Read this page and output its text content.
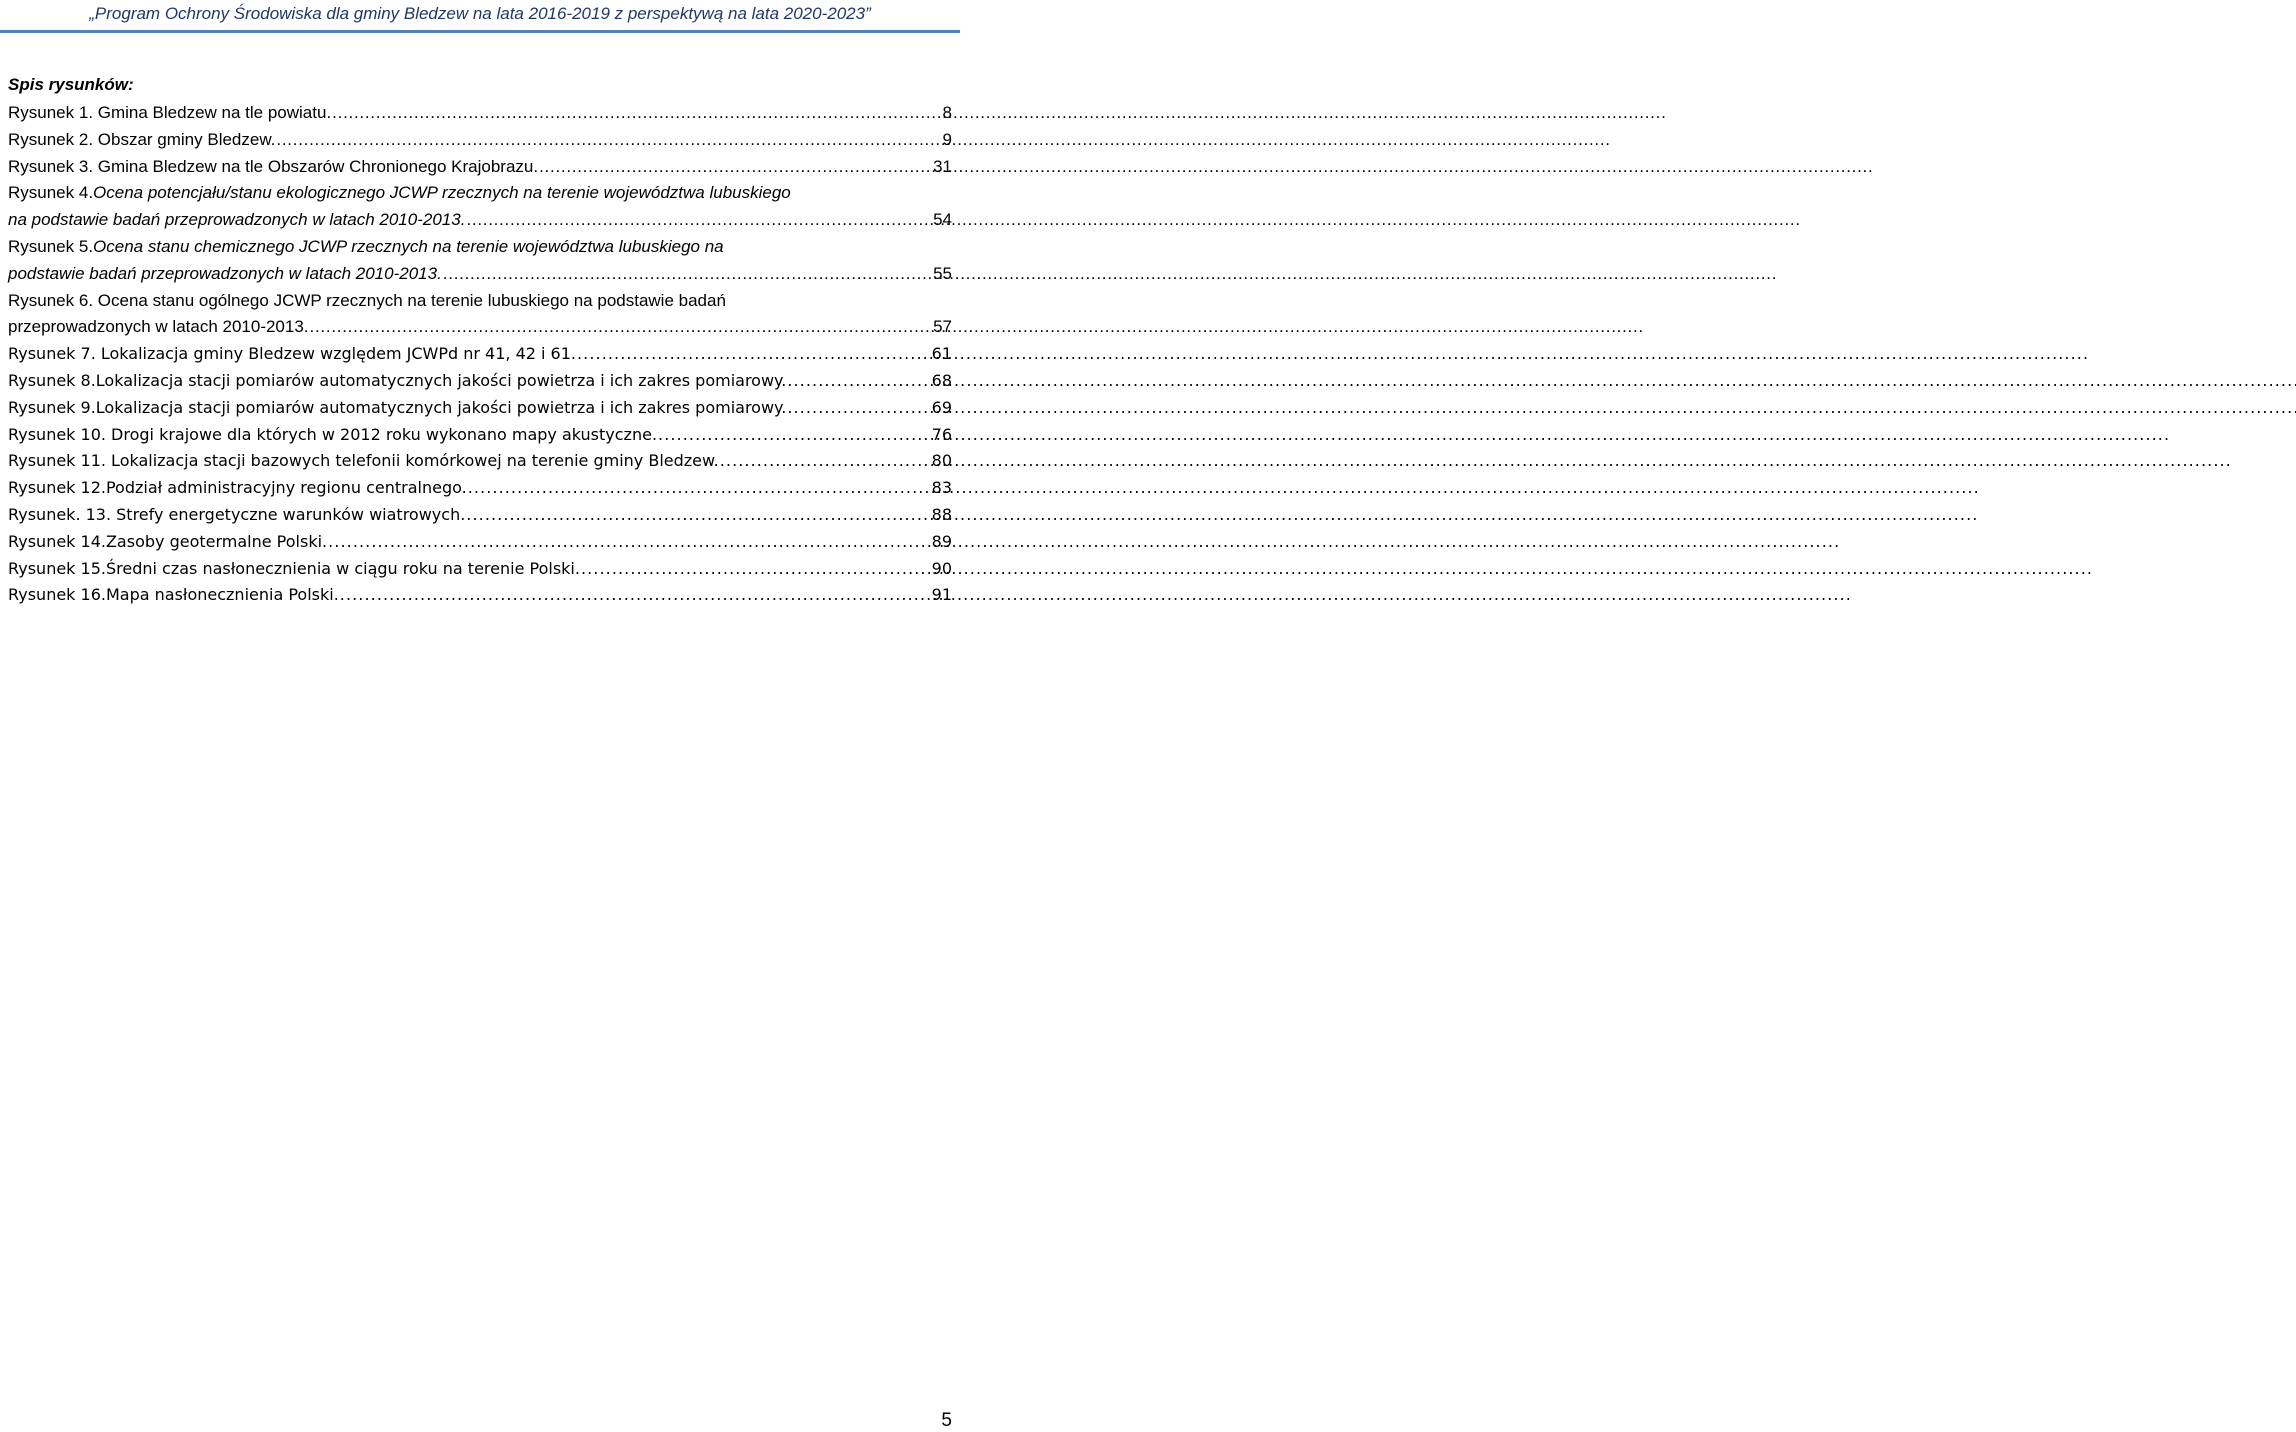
„Program Ochrony Środowiska dla gminy Bledzew na lata 2016-2019 z perspektywą na lata 2020-2023”
Spis rysunków:
Rysunek 1. Gmina Bledzew na tle powiatu. . . .	8
Rysunek 2. Obszar gminy Bledzew. . . .	9
Rysunek 3. Gmina Bledzew na tle Obszarów Chronionego Krajobrazu. . . .	31
Rysunek 4.Ocena potencjału/stanu ekologicznego JCWP rzecznych na terenie województwa lubuskiego
na podstawie badań przeprowadzonych w latach 2010-2013. . . .	54
Rysunek 5.Ocena stanu chemicznego JCWP rzecznych na terenie województwa lubuskiego na
podstawie badań przeprowadzonych w latach 2010-2013. . . .	55
Rysunek 6. Ocena stanu ogólnego JCWP rzecznych na terenie lubuskiego na podstawie badań
przeprowadzonych w latach 2010-2013. . . .	57
Rysunek 7. Lokalizacja gminy Bledzew względem JCWPd nr 41, 42 i 61. . . .	61
Rysunek 8.Lokalizacja stacji pomiarów automatycznych jakości powietrza i ich zakres pomiarowy. . . .	68
Rysunek 9.Lokalizacja stacji pomiarów automatycznych jakości powietrza i ich zakres pomiarowy. . . .	69
Rysunek 10. Drogi krajowe dla których w 2012 roku wykonano mapy akustyczne. . . .	76
Rysunek 11. Lokalizacja stacji bazowych telefonii komórkowej na terenie gminy Bledzew. . . .	80
Rysunek 12.Podział administracyjny regionu centralnego. . . .	83
Rysunek. 13. Strefy energetyczne warunków wiatrowych. . . .	88
Rysunek 14.Zasoby geotermalne Polski. . . .	89
Rysunek 15.Średni czas nasłonecznienia w ciągu roku na terenie Polski. . . .	90
Rysunek 16.Mapa nasłonecznienia Polski. . . .	91
5
